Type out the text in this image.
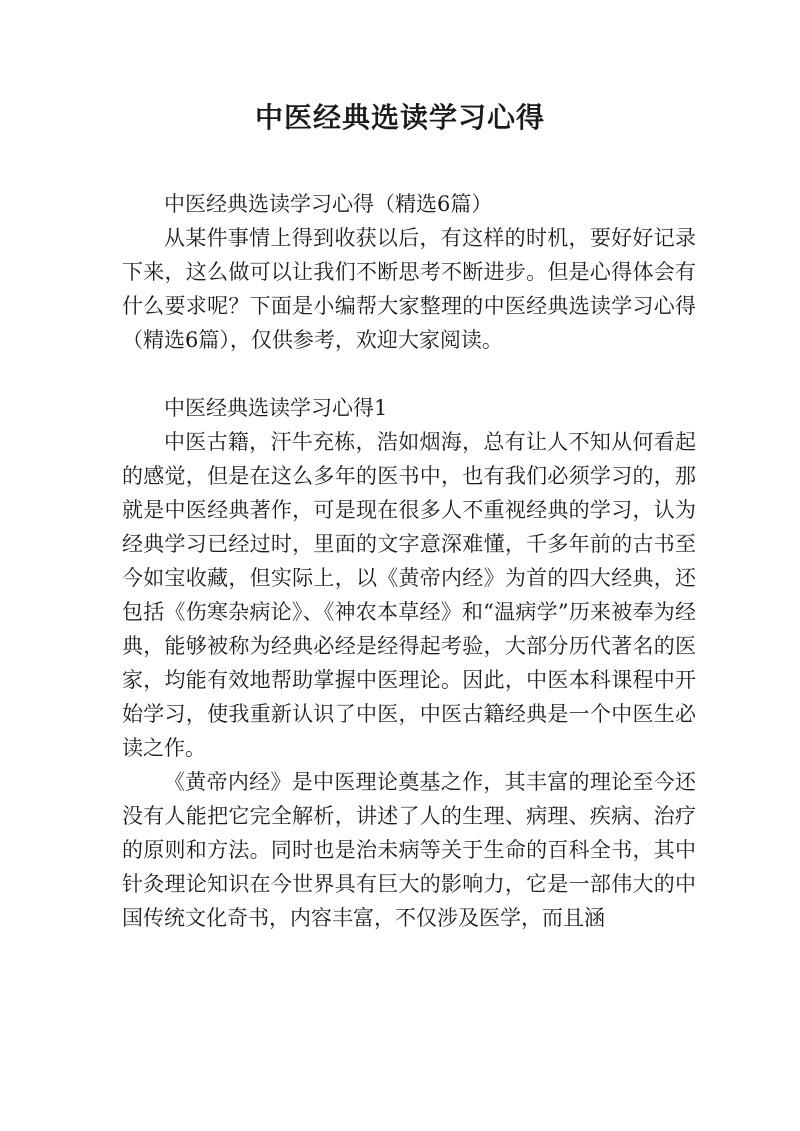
中医经典选读学习心得

中医经典选读学习心得（精选6篇）

从某件事情上得到收获以后，有这样的时机，要好好记录下来，这么做可以让我们不断思考不断进步。但是心得体会有什么要求呢？下面是小编帮大家整理的中医经典选读学习心得（精选6篇），仅供参考，欢迎大家阅读。

中医经典选读学习心得1

中医古籍，汗牛充栋，浩如烟海，总有让人不知从何看起的感觉，但是在这么多年的医书中，也有我们必须学习的，那就是中医经典著作，可是现在很多人不重视经典的学习，认为经典学习已经过时，里面的文字意深难懂，千多年前的古书至今如宝收藏，但实际上，以《黄帝内经》为首的四大经典，还包括《伤寒杂病论》、《神农本草经》和“温病学”历来被奉为经典，能够被称为经典必经是经得起考验，大部分历代著名的医家，均能有效地帮助掌握中医理论。因此，中医本科课程中开始学习，使我重新认识了中医，中医古籍经典是一个中医生必读之作。

《黄帝内经》是中医理论奠基之作，其丰富的理论至今还没有人能把它完全解析，讲述了人的生理、病理、疾病、治疗的原则和方法。同时也是治未病等关于生命的百科全书，其中针灸理论知识在今世界具有巨大的影响力，它是一部伟大的中国传统文化奇书，内容丰富，不仅涉及医学，而且涵
